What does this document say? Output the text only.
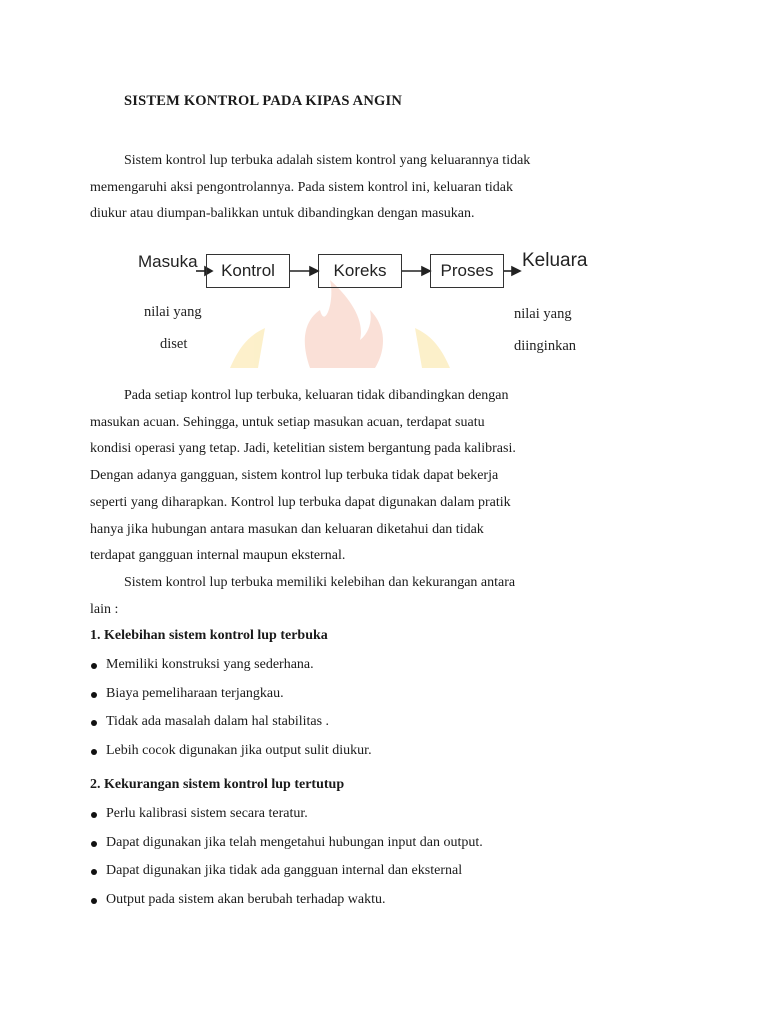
SISTEM KONTROL PADA KIPAS ANGIN
Sistem kontrol lup terbuka adalah sistem kontrol yang keluarannya tidak
memengaruhi aksi pengontrolannya. Pada sistem kontrol ini, keluaran tidak
diukur atau diumpan-balikkan untuk dibandingkan dengan masukan.
Masuka Kontrol	Koreks	Proses Keluara
nilai yang
diset
nilai yang
diinginkan
Pada setiap kontrol lup terbuka, keluaran tidak dibandingkan dengan
masukan acuan. Sehingga, untuk setiap masukan acuan, terdapat suatu
kondisi operasi yang tetap. Jadi, ketelitian sistem bergantung pada kalibrasi.
Dengan adanya gangguan, sistem kontrol lup terbuka tidak dapat bekerja
seperti yang diharapkan. Kontrol lup terbuka dapat digunakan dalam pratik
hanya jika hubungan antara masukan dan keluaran diketahui dan tidak
terdapat gangguan internal maupun eksternal.
Sistem kontrol lup terbuka memiliki kelebihan dan kekurangan antara
lain :
1. Kelebihan sistem kontrol lup terbuka
Memiliki konstruksi yang sederhana.
Biaya pemeliharaan terjangkau.
Tidak ada masalah dalam hal stabilitas .
Lebih cocok digunakan jika output sulit diukur.
2. Kekurangan sistem kontrol lup tertutup
Perlu kalibrasi sistem secara teratur.
Dapat digunakan jika telah mengetahui hubungan input dan output.
Dapat digunakan jika tidak ada gangguan internal dan eksternal
Output pada sistem akan berubah terhadap waktu.
